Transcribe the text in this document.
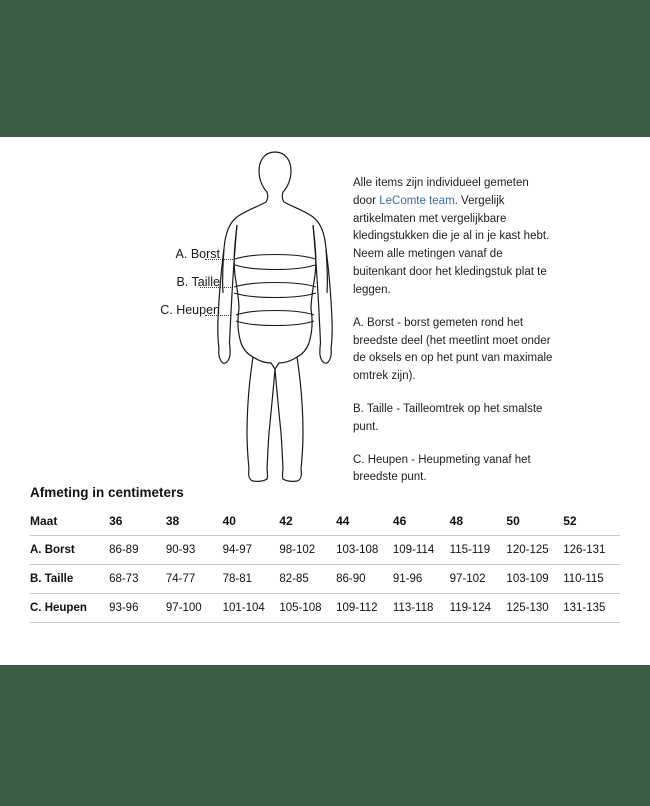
A. Borst
B. Taille
C. Heupen

Alle items zijn individueel gemeten door LeComte team. Vergelijk artikelmaten met vergelijkbare kledingstukken die je al in je kast hebt. Neem alle metingen vanaf de buitenkant door het kledingstuk plat te leggen.

A. Borst - borst gemeten rond het breedste deel (het meetlint moet onder de oksels en op het punt van maximale omtrek zijn).

B. Taille - Tailleomtrek op het smalste punt.

C. Heupen - Heupmeting vanaf het breedste punt.

Afmeting in centimeters
Maat	36	38	40	42	44	46	48	50	52
A. Borst	86-89	90-93	94-97	98-102	103-108	109-114	115-119	120-125	126-131
B. Taille	68-73	74-77	78-81	82-85	86-90	91-96	97-102	103-109	110-115
C. Heupen	93-96	97-100	101-104	105-108	109-112	113-118	119-124	125-130	131-135
